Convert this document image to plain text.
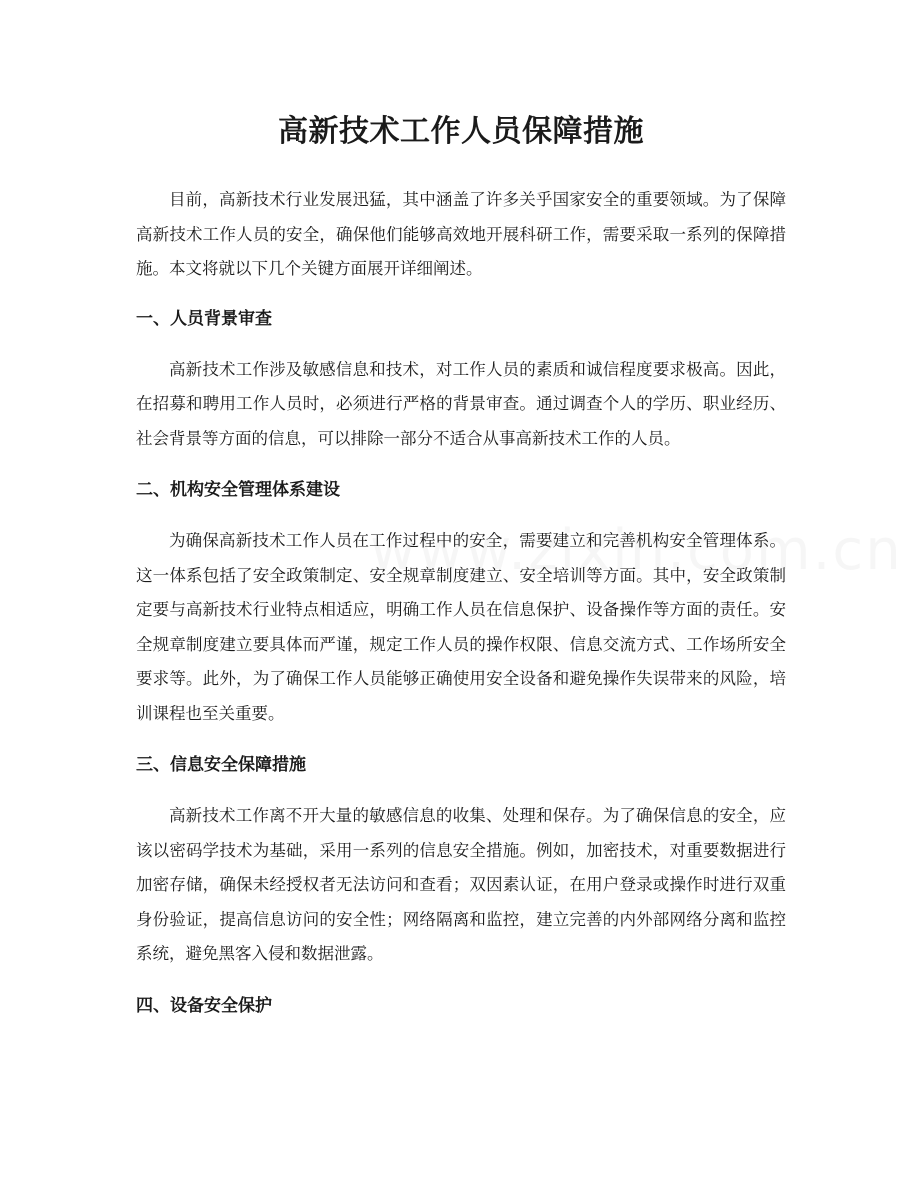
高新技术工作人员保障措施

目前，高新技术行业发展迅猛，其中涵盖了许多关乎国家安全的重要领域。为了保障高新技术工作人员的安全，确保他们能够高效地开展科研工作，需要采取一系列的保障措施。本文将就以下几个关键方面展开详细阐述。

一、人员背景审查

高新技术工作涉及敏感信息和技术，对工作人员的素质和诚信程度要求极高。因此，在招募和聘用工作人员时，必须进行严格的背景审查。通过调查个人的学历、职业经历、社会背景等方面的信息，可以排除一部分不适合从事高新技术工作的人员。

二、机构安全管理体系建设

为确保高新技术工作人员在工作过程中的安全，需要建立和完善机构安全管理体系。这一体系包括了安全政策制定、安全规章制度建立、安全培训等方面。其中，安全政策制定要与高新技术行业特点相适应，明确工作人员在信息保护、设备操作等方面的责任。安全规章制度建立要具体而严谨，规定工作人员的操作权限、信息交流方式、工作场所安全要求等。此外，为了确保工作人员能够正确使用安全设备和避免操作失误带来的风险，培训课程也至关重要。

三、信息安全保障措施

高新技术工作离不开大量的敏感信息的收集、处理和保存。为了确保信息的安全，应该以密码学技术为基础，采用一系列的信息安全措施。例如，加密技术，对重要数据进行加密存储，确保未经授权者无法访问和查看；双因素认证，在用户登录或操作时进行双重身份验证，提高信息访问的安全性；网络隔离和监控，建立完善的内外部网络分离和监控系统，避免黑客入侵和数据泄露。

四、设备安全保护
